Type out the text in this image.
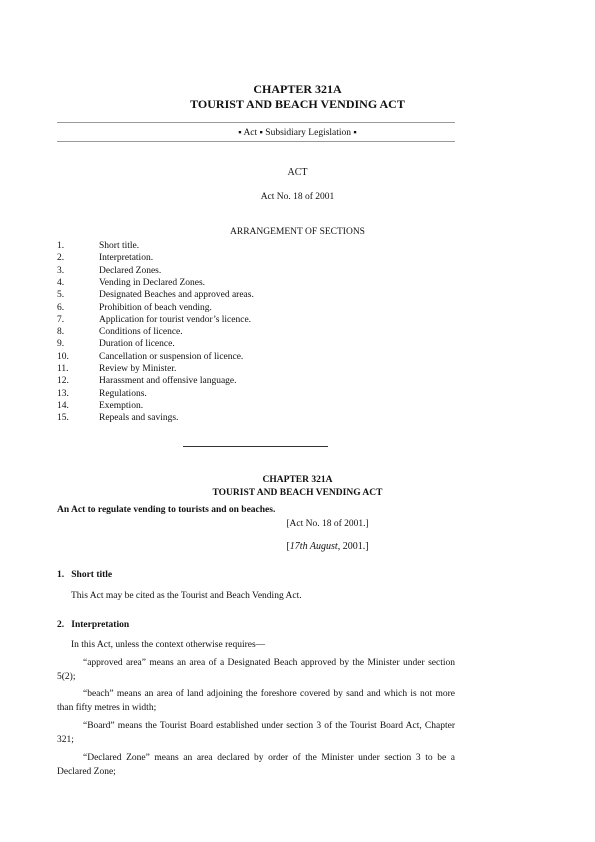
CHAPTER 321A
TOURIST AND BEACH VENDING ACT
▪ Act ▪ Subsidiary Legislation ▪
ACT
Act No. 18 of 2001
ARRANGEMENT OF SECTIONS
1.	Short title.
2.	Interpretation.
3.	Declared Zones.
4.	Vending in Declared Zones.
5.	Designated Beaches and approved areas.
6.	Prohibition of beach vending.
7.	Application for tourist vendor’s licence.
8.	Conditions of licence.
9.	Duration of licence.
10.	Cancellation or suspension of licence.
11.	Review by Minister.
12.	Harassment and offensive language.
13.	Regulations.
14.	Exemption.
15.	Repeals and savings.
CHAPTER 321A
TOURIST AND BEACH VENDING ACT
An Act to regulate vending to tourists and on beaches.
[Act No. 18 of 2001.]
[17th August, 2001.]
1.   Short title
This Act may be cited as the Tourist and Beach Vending Act.
2.   Interpretation
In this Act, unless the context otherwise requires—
“approved area” means an area of a Designated Beach approved by the Minister under section 5(2);
“beach” means an area of land adjoining the foreshore covered by sand and which is not more than fifty metres in width;
“Board” means the Tourist Board established under section 3 of the Tourist Board Act, Chapter 321;
“Declared Zone” means an area declared by order of the Minister under section 3 to be a Declared Zone;
